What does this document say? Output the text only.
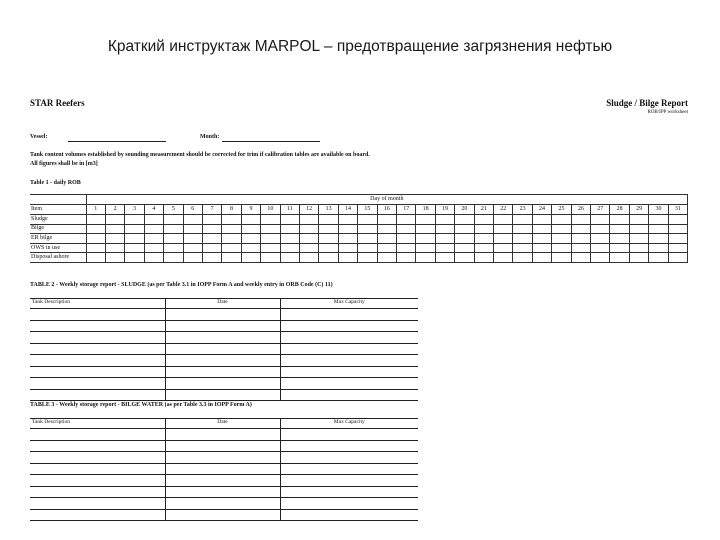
Краткий инструктаж MARPOL – предотвращение загрязнения нефтью
STAR Reefers	Sludge / Bilge Report
ROB/IPP worksheet
Vessel:	Month:
Tank content volumes established by sounding measurement should be corrected for trim if calibration tables are available on board.
All figures shall be in [m3]
Table 1 - daily ROB
	Day of month																														
Item	1	2	3	4	5	6	7	8	9	10	11	12	13	14	15	16	17	18	19	20	21	22	23	24	25	26	27	28	29	30	31
Sludge																															
Bilge																															
ER bilge																															
OWS in use																															
Disposal ashore																															
TABLE 2 - Weekly storage report - SLUDGE (as per Table 3.1 in IOPP Form A and weekly entry in ORB Code (C) 11)
Tank Description	Date	Max Capacity

TABLE 3 - Weekly storage report - BILGE WATER (as per Table 3.3 in IOPP Form A)
Tank Description	Date	Max Capacity
